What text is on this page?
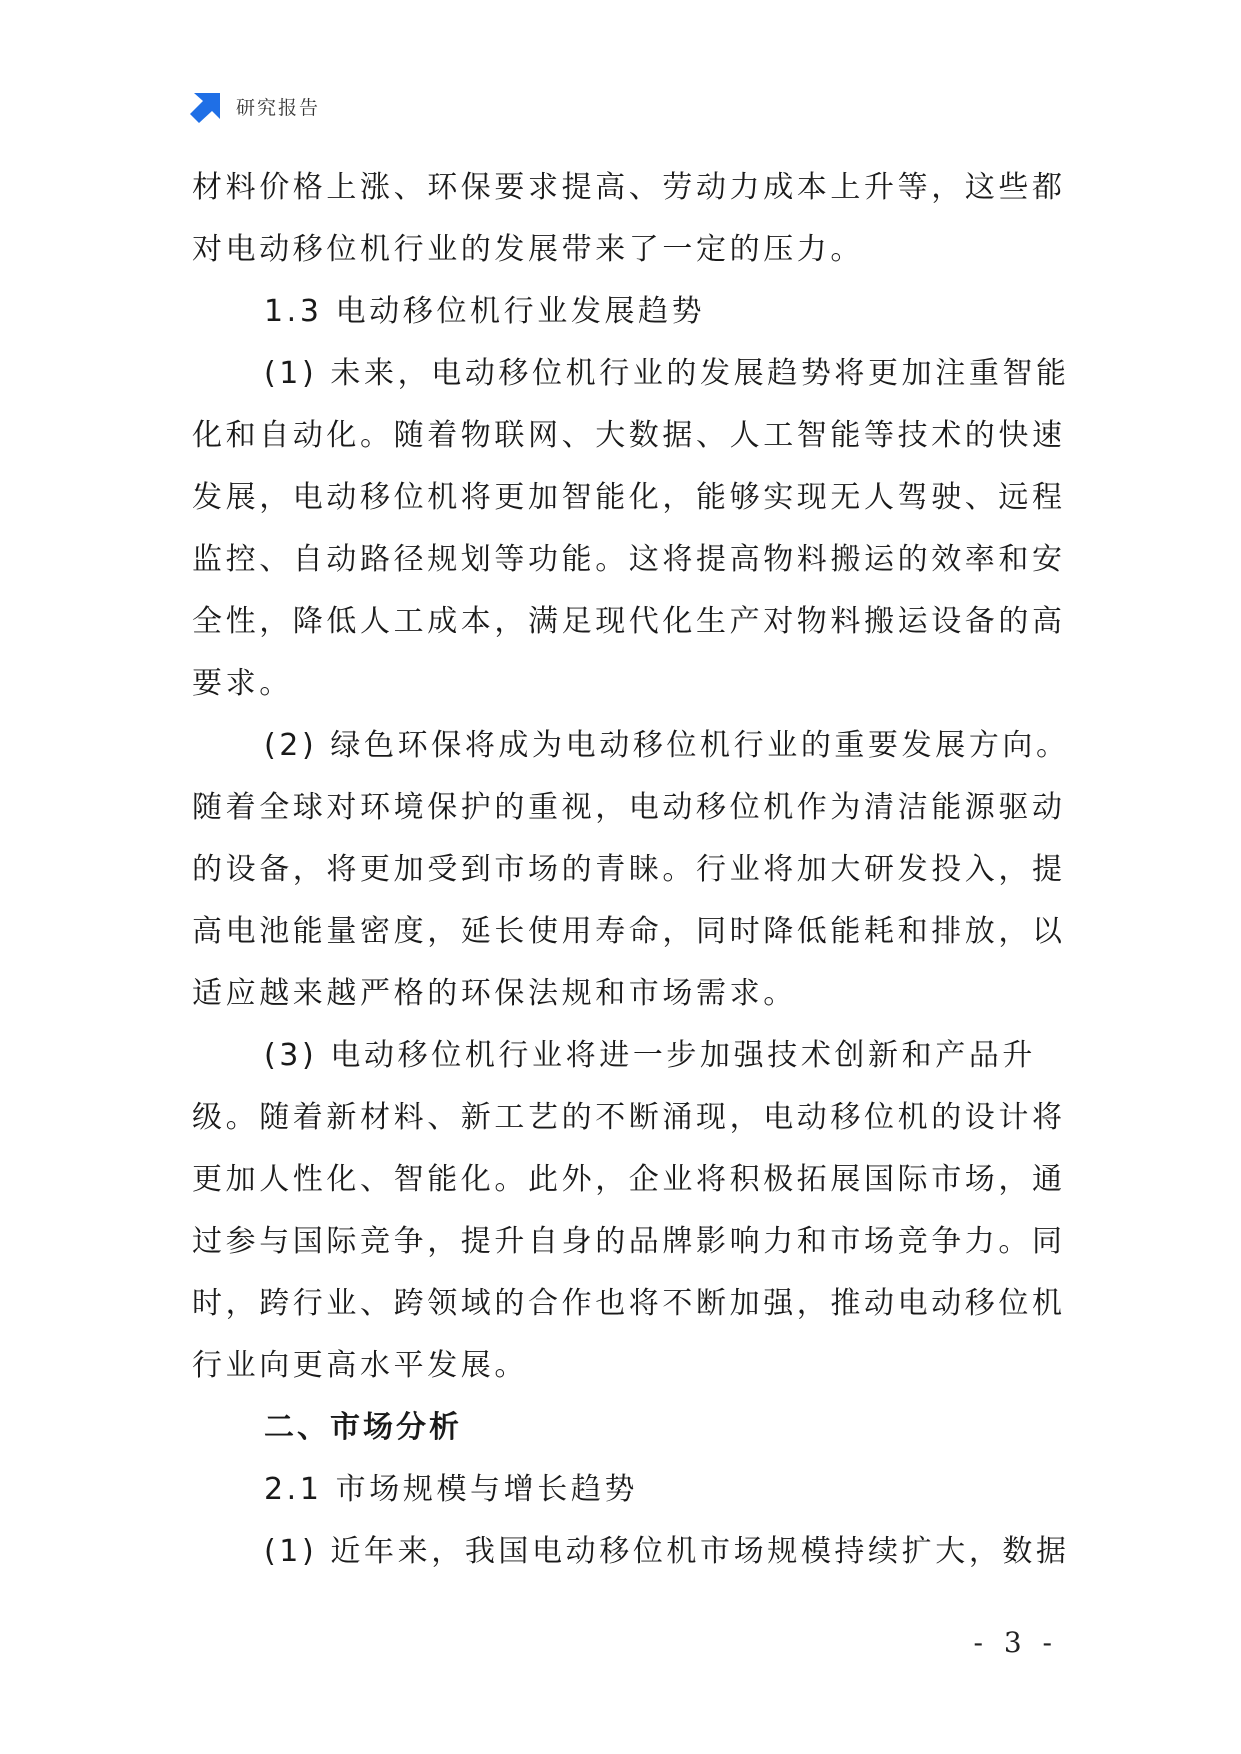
研究报告
材料价格上涨、环保要求提高、劳动力成本上升等，这些都
对电动移位机行业的发展带来了一定的压力。
1.3 电动移位机行业发展趋势
(1) 未来，电动移位机行业的发展趋势将更加注重智能
化和自动化。随着物联网、大数据、人工智能等技术的快速
发展，电动移位机将更加智能化，能够实现无人驾驶、远程
监控、自动路径规划等功能。这将提高物料搬运的效率和安
全性，降低人工成本，满足现代化生产对物料搬运设备的高
要求。
(2) 绿色环保将成为电动移位机行业的重要发展方向。
随着全球对环境保护的重视，电动移位机作为清洁能源驱动
的设备，将更加受到市场的青睐。行业将加大研发投入，提
高电池能量密度，延长使用寿命，同时降低能耗和排放，以
适应越来越严格的环保法规和市场需求。
(3) 电动移位机行业将进一步加强技术创新和产品升
级。随着新材料、新工艺的不断涌现，电动移位机的设计将
更加人性化、智能化。此外，企业将积极拓展国际市场，通
过参与国际竞争，提升自身的品牌影响力和市场竞争力。同
时，跨行业、跨领域的合作也将不断加强，推动电动移位机
行业向更高水平发展。
二、市场分析
2.1 市场规模与增长趋势
(1) 近年来，我国电动移位机市场规模持续扩大，数据
- 3 -
